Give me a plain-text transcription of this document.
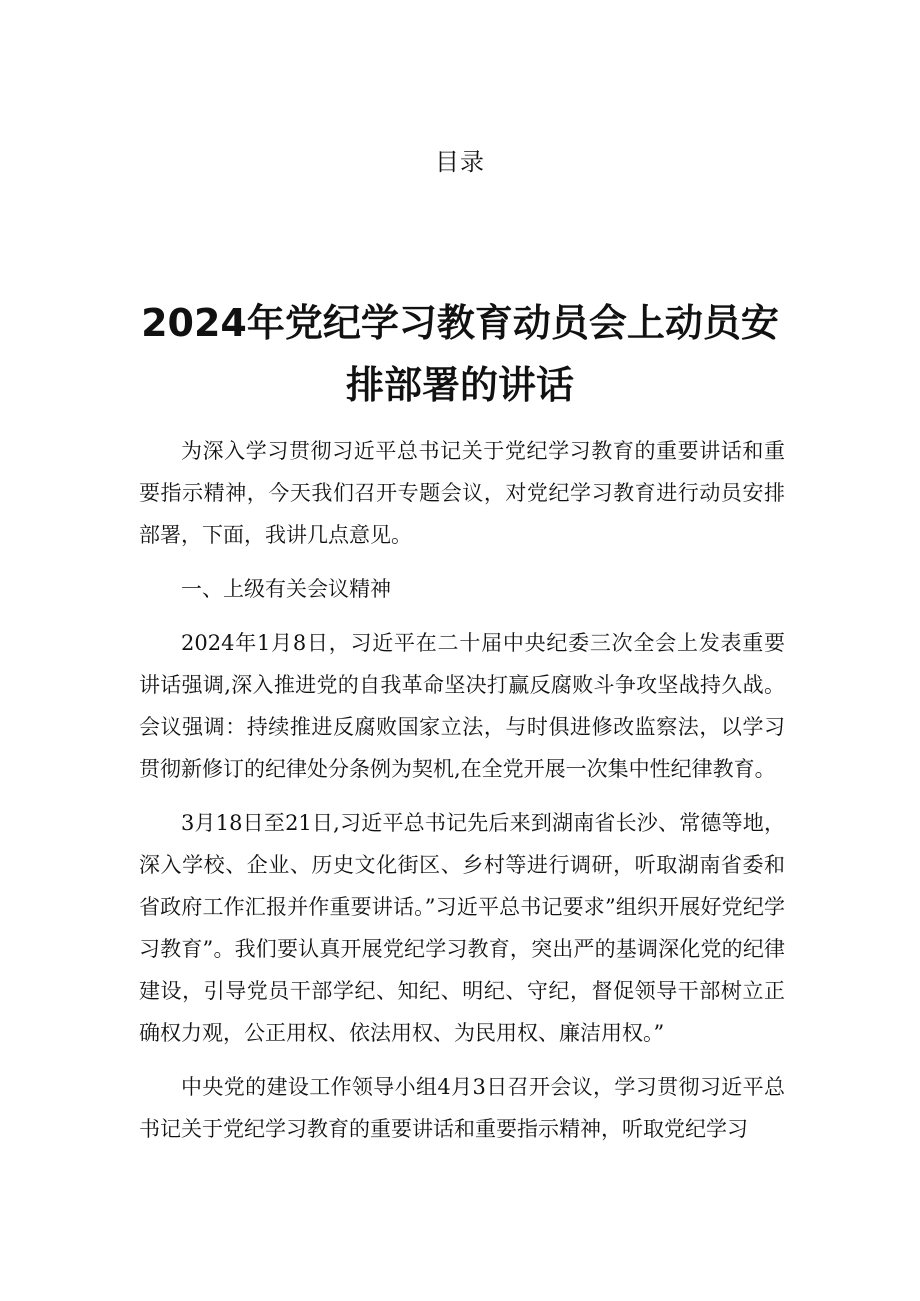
目录
2024年党纪学习教育动员会上动员安排部署的讲话

为深入学习贯彻习近平总书记关于党纪学习教育的重要讲话和重要指示精神，今天我们召开专题会议，对党纪学习教育进行动员安排部署，下面，我讲几点意见。

一、上级有关会议精神

2024年1月8日，习近平在二十届中央纪委三次全会上发表重要讲话强调,深入推进党的自我革命坚决打赢反腐败斗争攻坚战持久战。会议强调：持续推进反腐败国家立法，与时俱进修改监察法，以学习贯彻新修订的纪律处分条例为契机,在全党开展一次集中性纪律教育。

3月18日至21日,习近平总书记先后来到湖南省长沙、常德等地，深入学校、企业、历史文化街区、乡村等进行调研，听取湖南省委和省政府工作汇报并作重要讲话。”习近平总书记要求”组织开展好党纪学习教育”。我们要认真开展党纪学习教育，突出严的基调深化党的纪律建设，引导党员干部学纪、知纪、明纪、守纪，督促领导干部树立正确权力观，公正用权、依法用权、为民用权、廉洁用权。”

中央党的建设工作领导小组4月3日召开会议，学习贯彻习近平总书记关于党纪学习教育的重要讲话和重要指示精神，听取党纪学习
